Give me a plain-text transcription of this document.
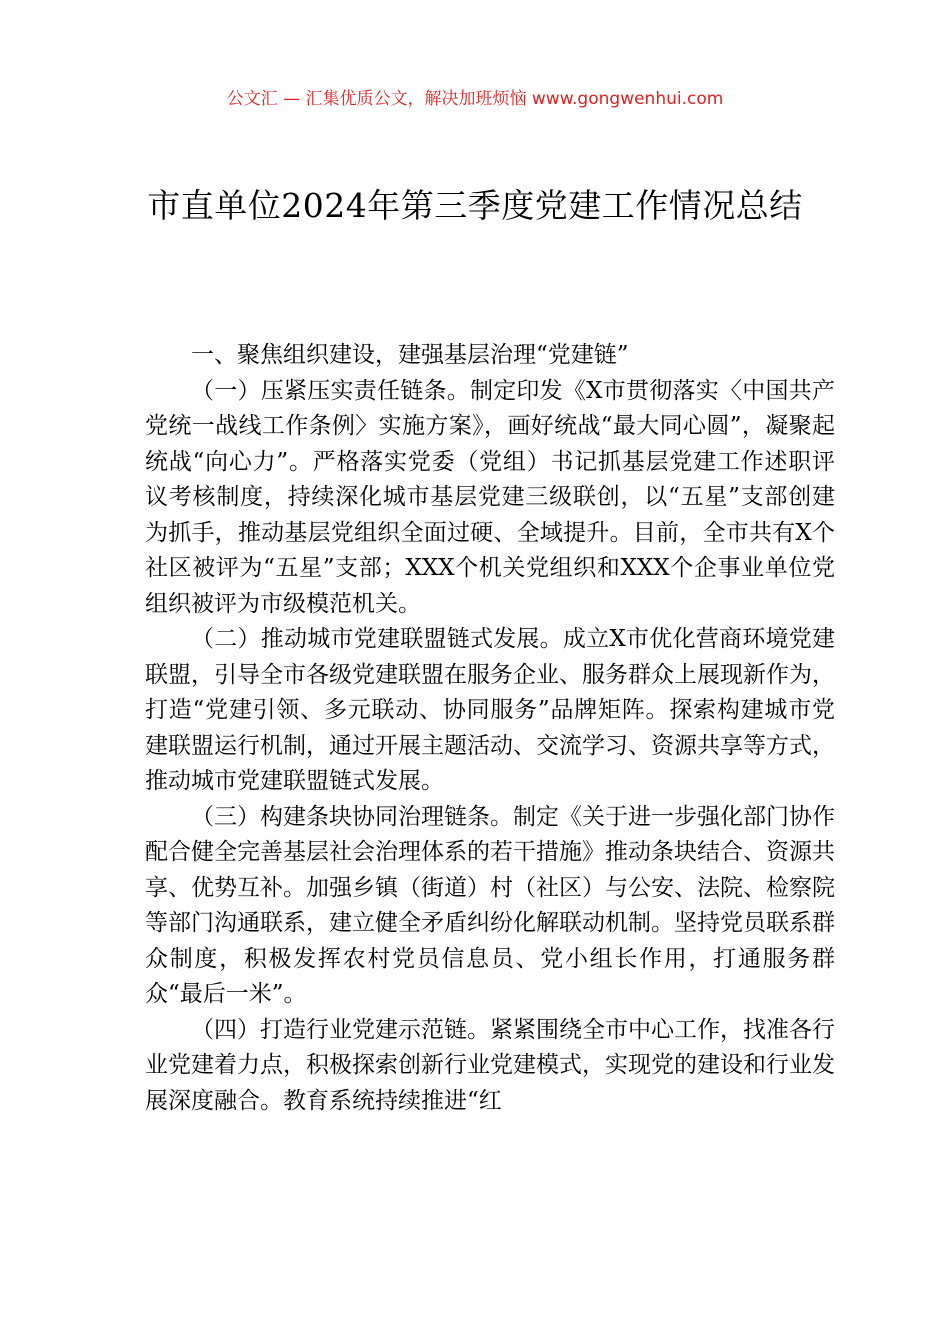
公文汇 — 汇集优质公文，解决加班烦恼 www.gongwenhui.com
市直单位2024年第三季度党建工作情况总结

一、聚焦组织建设，建强基层治理“党建链”

（一）压紧压实责任链条。制定印发《X市贯彻落实〈中国共产党统一战线工作条例〉实施方案》，画好统战“最大同心圆”，凝聚起统战“向心力”。严格落实党委（党组）书记抓基层党建工作述职评议考核制度，持续深化城市基层党建三级联创，以“五星”支部创建为抓手，推动基层党组织全面过硬、全域提升。目前，全市共有X个社区被评为“五星”支部；XXX个机关党组织和XXX个企事业单位党组织被评为市级模范机关。

（二）推动城市党建联盟链式发展。成立X市优化营商环境党建联盟，引导全市各级党建联盟在服务企业、服务群众上展现新作为，打造“党建引领、多元联动、协同服务”品牌矩阵。探索构建城市党建联盟运行机制，通过开展主题活动、交流学习、资源共享等方式，推动城市党建联盟链式发展。

（三）构建条块协同治理链条。制定《关于进一步强化部门协作配合健全完善基层社会治理体系的若干措施》推动条块结合、资源共享、优势互补。加强乡镇（街道）村（社区）与公安、法院、检察院等部门沟通联系，建立健全矛盾纠纷化解联动机制。坚持党员联系群众制度，积极发挥农村党员信息员、党小组长作用，打通服务群众“最后一米”。

（四）打造行业党建示范链。紧紧围绕全市中心工作，找准各行业党建着力点，积极探索创新行业党建模式，实现党的建设和行业发展深度融合。教育系统持续推进“红
